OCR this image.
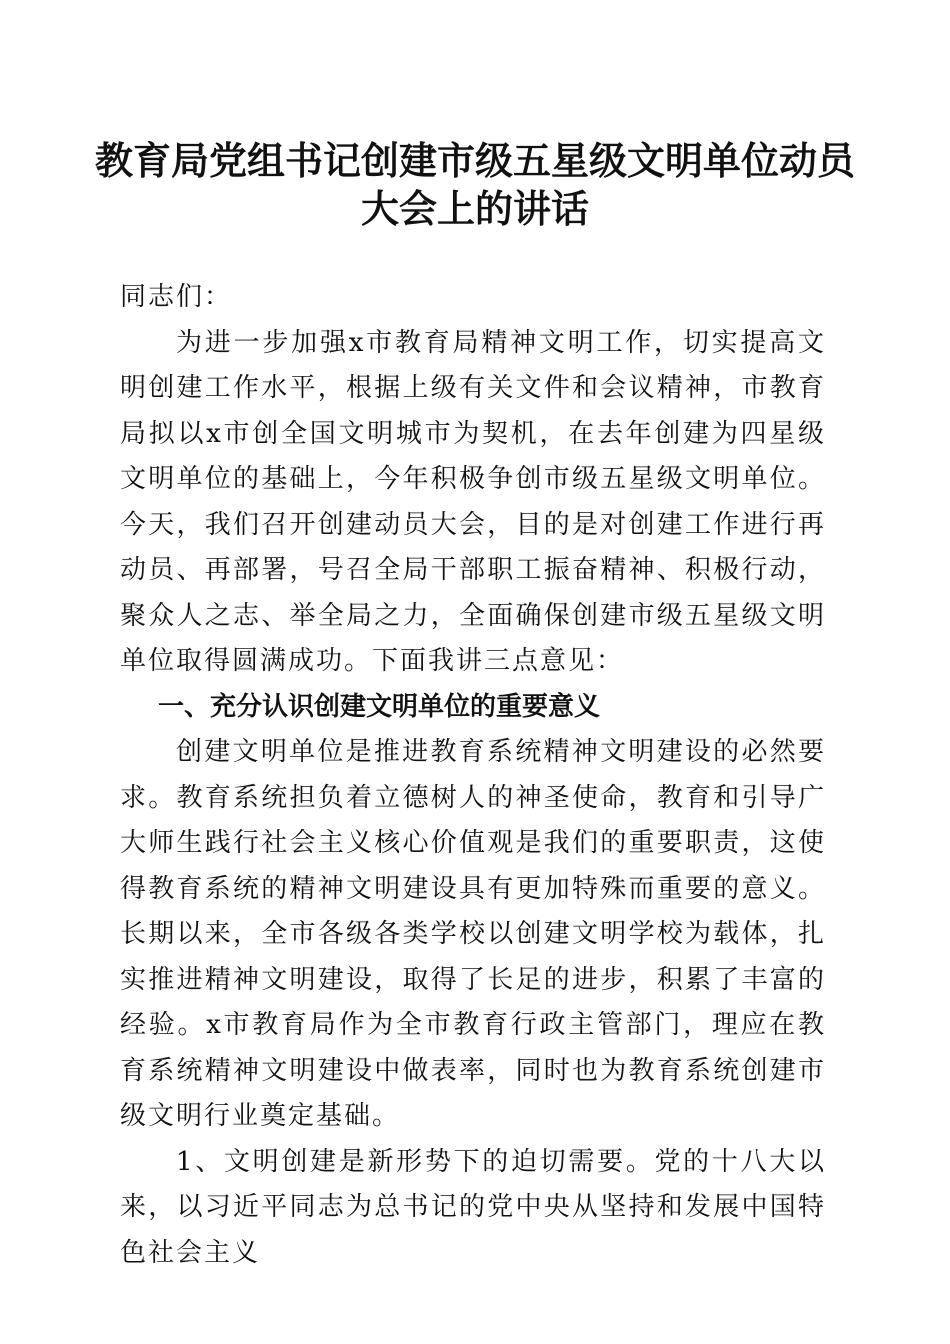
教育局党组书记创建市级五星级文明单位动员
大会上的讲话

同志们：

为进一步加强x市教育局精神文明工作，切实提高文明创建工作水平，根据上级有关文件和会议精神，市教育局拟以x市创全国文明城市为契机，在去年创建为四星级文明单位的基础上，今年积极争创市级五星级文明单位。今天，我们召开创建动员大会，目的是对创建工作进行再动员、再部署，号召全局干部职工振奋精神、积极行动，聚众人之志、举全局之力，全面确保创建市级五星级文明单位取得圆满成功。下面我讲三点意见：

一、充分认识创建文明单位的重要意义

创建文明单位是推进教育系统精神文明建设的必然要求。教育系统担负着立德树人的神圣使命，教育和引导广大师生践行社会主义核心价值观是我们的重要职责，这使得教育系统的精神文明建设具有更加特殊而重要的意义。长期以来，全市各级各类学校以创建文明学校为载体，扎实推进精神文明建设，取得了长足的进步，积累了丰富的经验。x市教育局作为全市教育行政主管部门，理应在教育系统精神文明建设中做表率，同时也为教育系统创建市级文明行业奠定基础。

1、文明创建是新形势下的迫切需要。党的十八大以来，以习近平同志为总书记的党中央从坚持和发展中国特色社会主义
